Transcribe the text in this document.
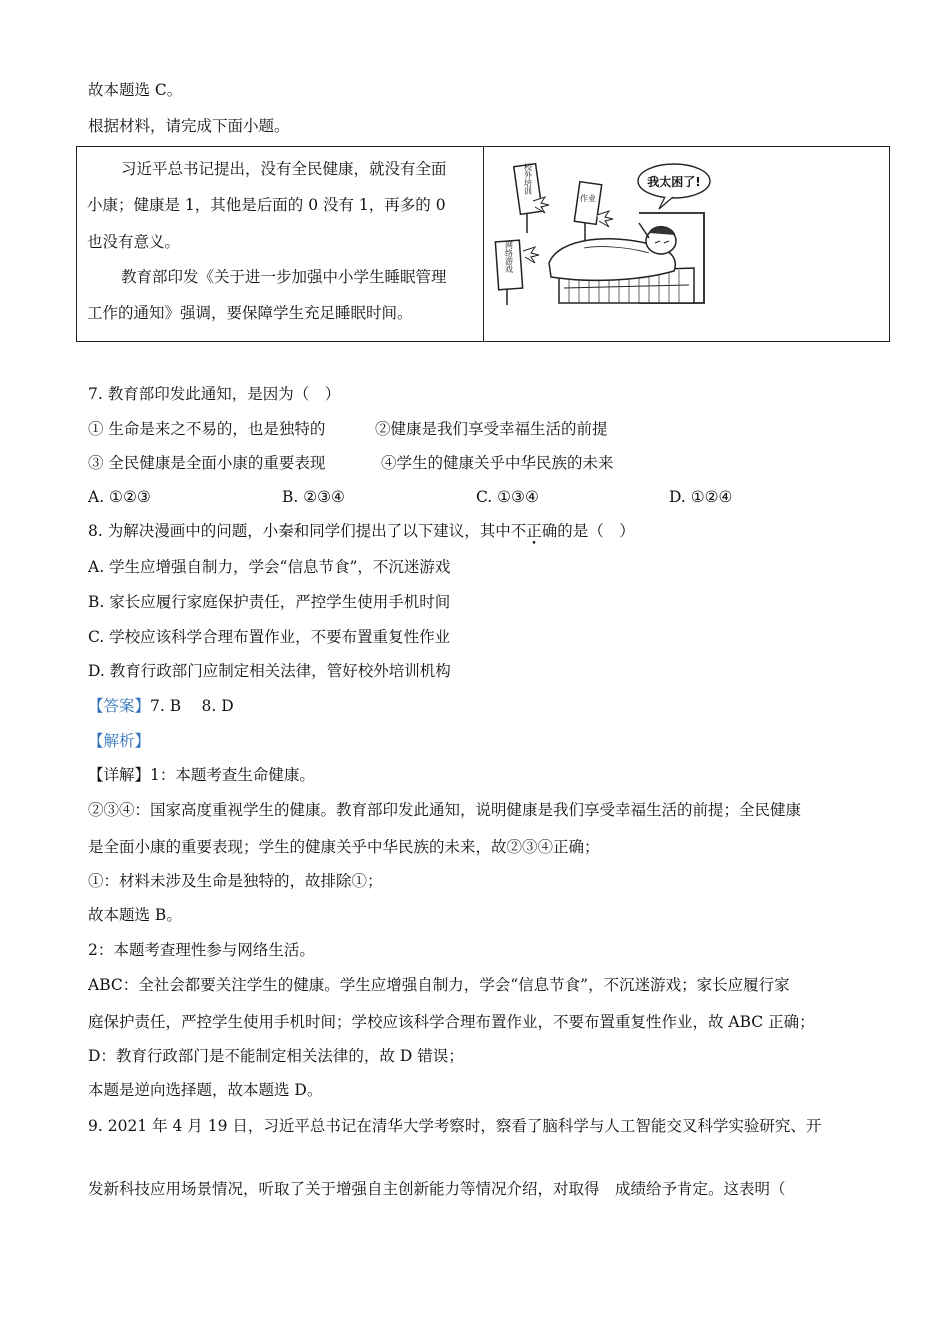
故本题选 C。
根据材料，请完成下面小题。
习近平总书记提出，没有全民健康，就没有全面
小康；健康是 1，其他是后面的 0 没有 1，再多的 0
也没有意义。
教育部印发《关于进一步加强中小学生睡眠管理
工作的通知》强调，要保障学生充足睡眠时间。
我太困了!
校外培训
作业
网络游戏
7. 教育部印发此通知，是因为（　）
① 生命是来之不易的，也是独特的	②健康是我们享受幸福生活的前提
③ 全民健康是全面小康的重要表现	④学生的健康关乎中华民族的未来
A. ①②③	B. ②③④	C. ①③④	D. ①②④
8. 为解决漫画中的问题，小秦和同学们提出了以下建议，其中不正确的是（　）
A. 学生应增强自制力，学会“信息节食”，不沉迷游戏
B. 家长应履行家庭保护责任，严控学生使用手机时间
C. 学校应该科学合理布置作业，不要布置重复性作业
D. 教育行政部门应制定相关法律，管好校外培训机构
【答案】7. B　 8. D
【解析】
【详解】1：本题考查生命健康。
②③④：国家高度重视学生的健康。教育部印发此通知，说明健康是我们享受幸福生活的前提；全民健康
是全面小康的重要表现；学生的健康关乎中华民族的未来，故②③④正确；
①：材料未涉及生命是独特的，故排除①；
故本题选 B。
2：本题考查理性参与网络生活。
ABC：全社会都要关注学生的健康。学生应增强自制力，学会“信息节食”，不沉迷游戏；家长应履行家
庭保护责任，严控学生使用手机时间；学校应该科学合理布置作业，不要布置重复性作业，故 ABC 正确；
D：教育行政部门是不能制定相关法律的，故 D 错误；
本题是逆向选择题，故本题选 D。
9. 2021 年 4 月 19 日，习近平总书记在清华大学考察时，察看了脑科学与人工智能交叉科学实验研究、开
发新科技应用场景情况，听取了关于增强自主创新能力等情况介绍，对取得　成绩给予肯定。这表明（
